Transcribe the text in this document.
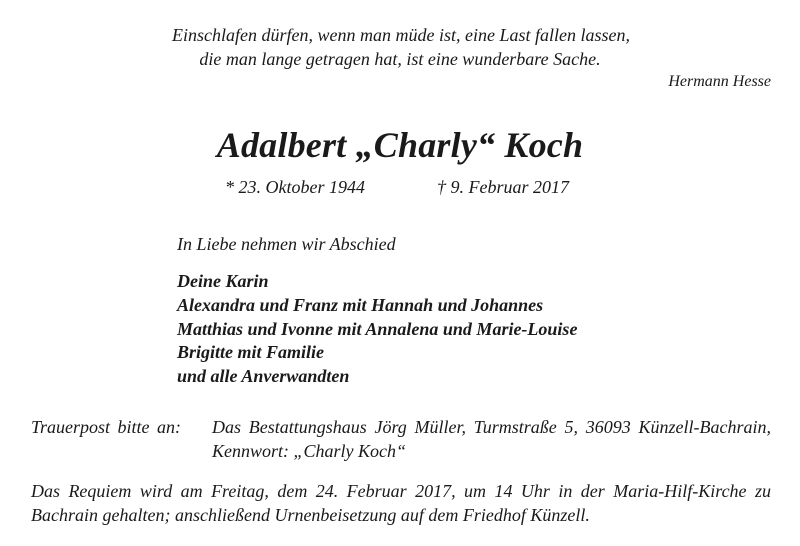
Einschlafen dürfen, wenn man müde ist, eine Last fallen lassen,
die man lange getragen hat, ist eine wunderbare Sache.
Hermann Hesse
Adalbert „Charly“ Koch
* 23. Oktober 1944	† 9. Februar 2017
In Liebe nehmen wir Abschied
Deine Karin
Alexandra und Franz mit Hannah und Johannes
Matthias und Ivonne mit Annalena und Marie-Louise
Brigitte mit Familie
und alle Anverwandten
Trauerpost bitte an: Das Bestattungshaus Jörg Müller, Turmstraße 5, 36093 Künzell-Bachrain, Kennwort: „Charly Koch“
Das Requiem wird am Freitag, dem 24. Februar 2017, um 14 Uhr in der Maria-Hilf-Kirche zu Bachrain gehalten; anschließend Urnenbeisetzung auf dem Friedhof Künzell.
